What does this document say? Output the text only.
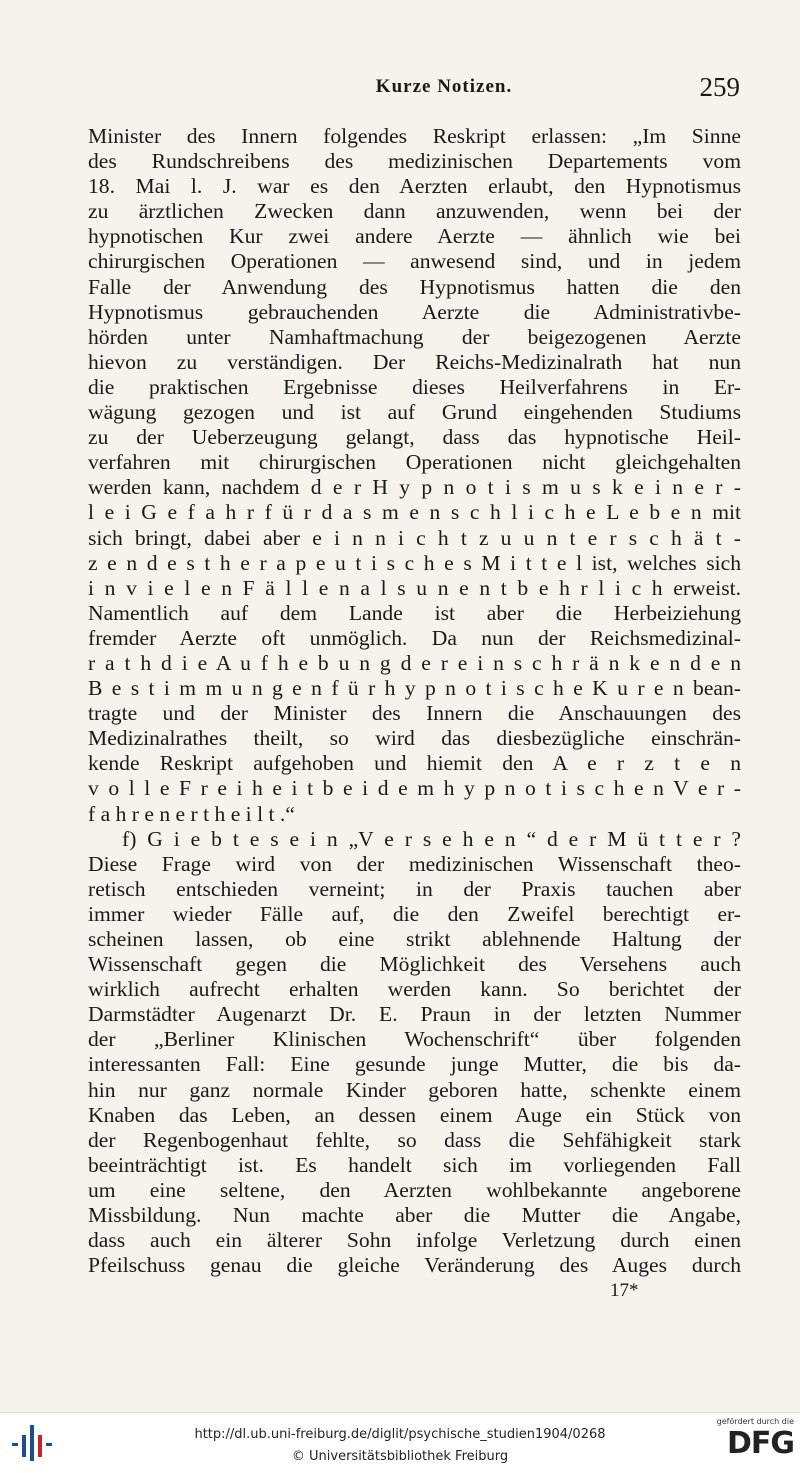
Kurze Notizen.	259
Minister des Innern folgendes Reskript erlassen: „Im Sinne
des Rundschreibens des medizinischen Departements vom
18. Mai l. J. war es den Aerzten erlaubt, den Hypnotismus
zu ärztlichen Zwecken dann anzuwenden, wenn bei der
hypnotischen Kur zwei andere Aerzte — ähnlich wie bei
chirurgischen Operationen — anwesend sind, und in jedem
Falle der Anwendung des Hypnotismus hatten die den
Hypnotismus gebrauchenden Aerzte die Administrativbe-
hörden unter Namhaftmachung der beigezogenen Aerzte
hievon zu verständigen. Der Reichs-Medizinalrath hat nun
die praktischen Ergebnisse dieses Heilverfahrens in Er-
wägung gezogen und ist auf Grund eingehenden Studiums
zu der Ueberzeugung gelangt, dass das hypnotische Heil-
verfahren mit chirurgischen Operationen nicht gleichgehalten
werden kann, nachdem d e r H y p n o t i s m u s k e i n e r -
l e i G e f a h r f ü r d a s m e n s c h l i c h e L e b e n mit
sich bringt, dabei aber e i n n i c h t z u u n t e r s c h ä t -
z e n d e s t h e r a p e u t i s c h e s M i t t e l ist, welches sich
i n v i e l e n F ä l l e n a l s u n e n t b e h r l i c h erweist.
Namentlich auf dem Lande ist aber die Herbeiziehung
fremder Aerzte oft unmöglich. Da nun der Reichsmedizinal-
r a t h d i e A u f h e b u n g d e r e i n s c h r ä n k e n d e n
B e s t i m m u n g e n f ü r h y p n o t i s c h e K u r e n bean-
tragte und der Minister des Innern die Anschauungen des
Medizinalrathes theilt, so wird das diesbezügliche einschrän-
kende Reskript aufgehoben und hiemit den A e r z t e n
v o l l e F r e i h e i t b e i d e m h y p n o t i s c h e n V e r -
f a h r e n e r t h e i l t .“
f) G i e b t e s e i n „V e r s e h e n “ d e r M ü t t e r ?
Diese Frage wird von der medizinischen Wissenschaft theo-
retisch entschieden verneint; in der Praxis tauchen aber
immer wieder Fälle auf, die den Zweifel berechtigt er-
scheinen lassen, ob eine strikt ablehnende Haltung der
Wissenschaft gegen die Möglichkeit des Versehens auch
wirklich aufrecht erhalten werden kann. So berichtet der
Darmstädter Augenarzt Dr. E. Praun in der letzten Nummer
der „Berliner Klinischen Wochenschrift“ über folgenden
interessanten Fall: Eine gesunde junge Mutter, die bis da-
hin nur ganz normale Kinder geboren hatte, schenkte einem
Knaben das Leben, an dessen einem Auge ein Stück von
der Regenbogenhaut fehlte, so dass die Sehfähigkeit stark
beeinträchtigt ist. Es handelt sich im vorliegenden Fall
um eine seltene, den Aerzten wohlbekannte angeborene
Missbildung. Nun machte aber die Mutter die Angabe,
dass auch ein älterer Sohn infolge Verletzung durch einen
Pfeilschuss genau die gleiche Veränderung des Auges durch
17*
http://dl.ub.uni-freiburg.de/diglit/psychische_studien1904/0268
© Universitätsbibliothek Freiburg
gefördert durch die
DFG
